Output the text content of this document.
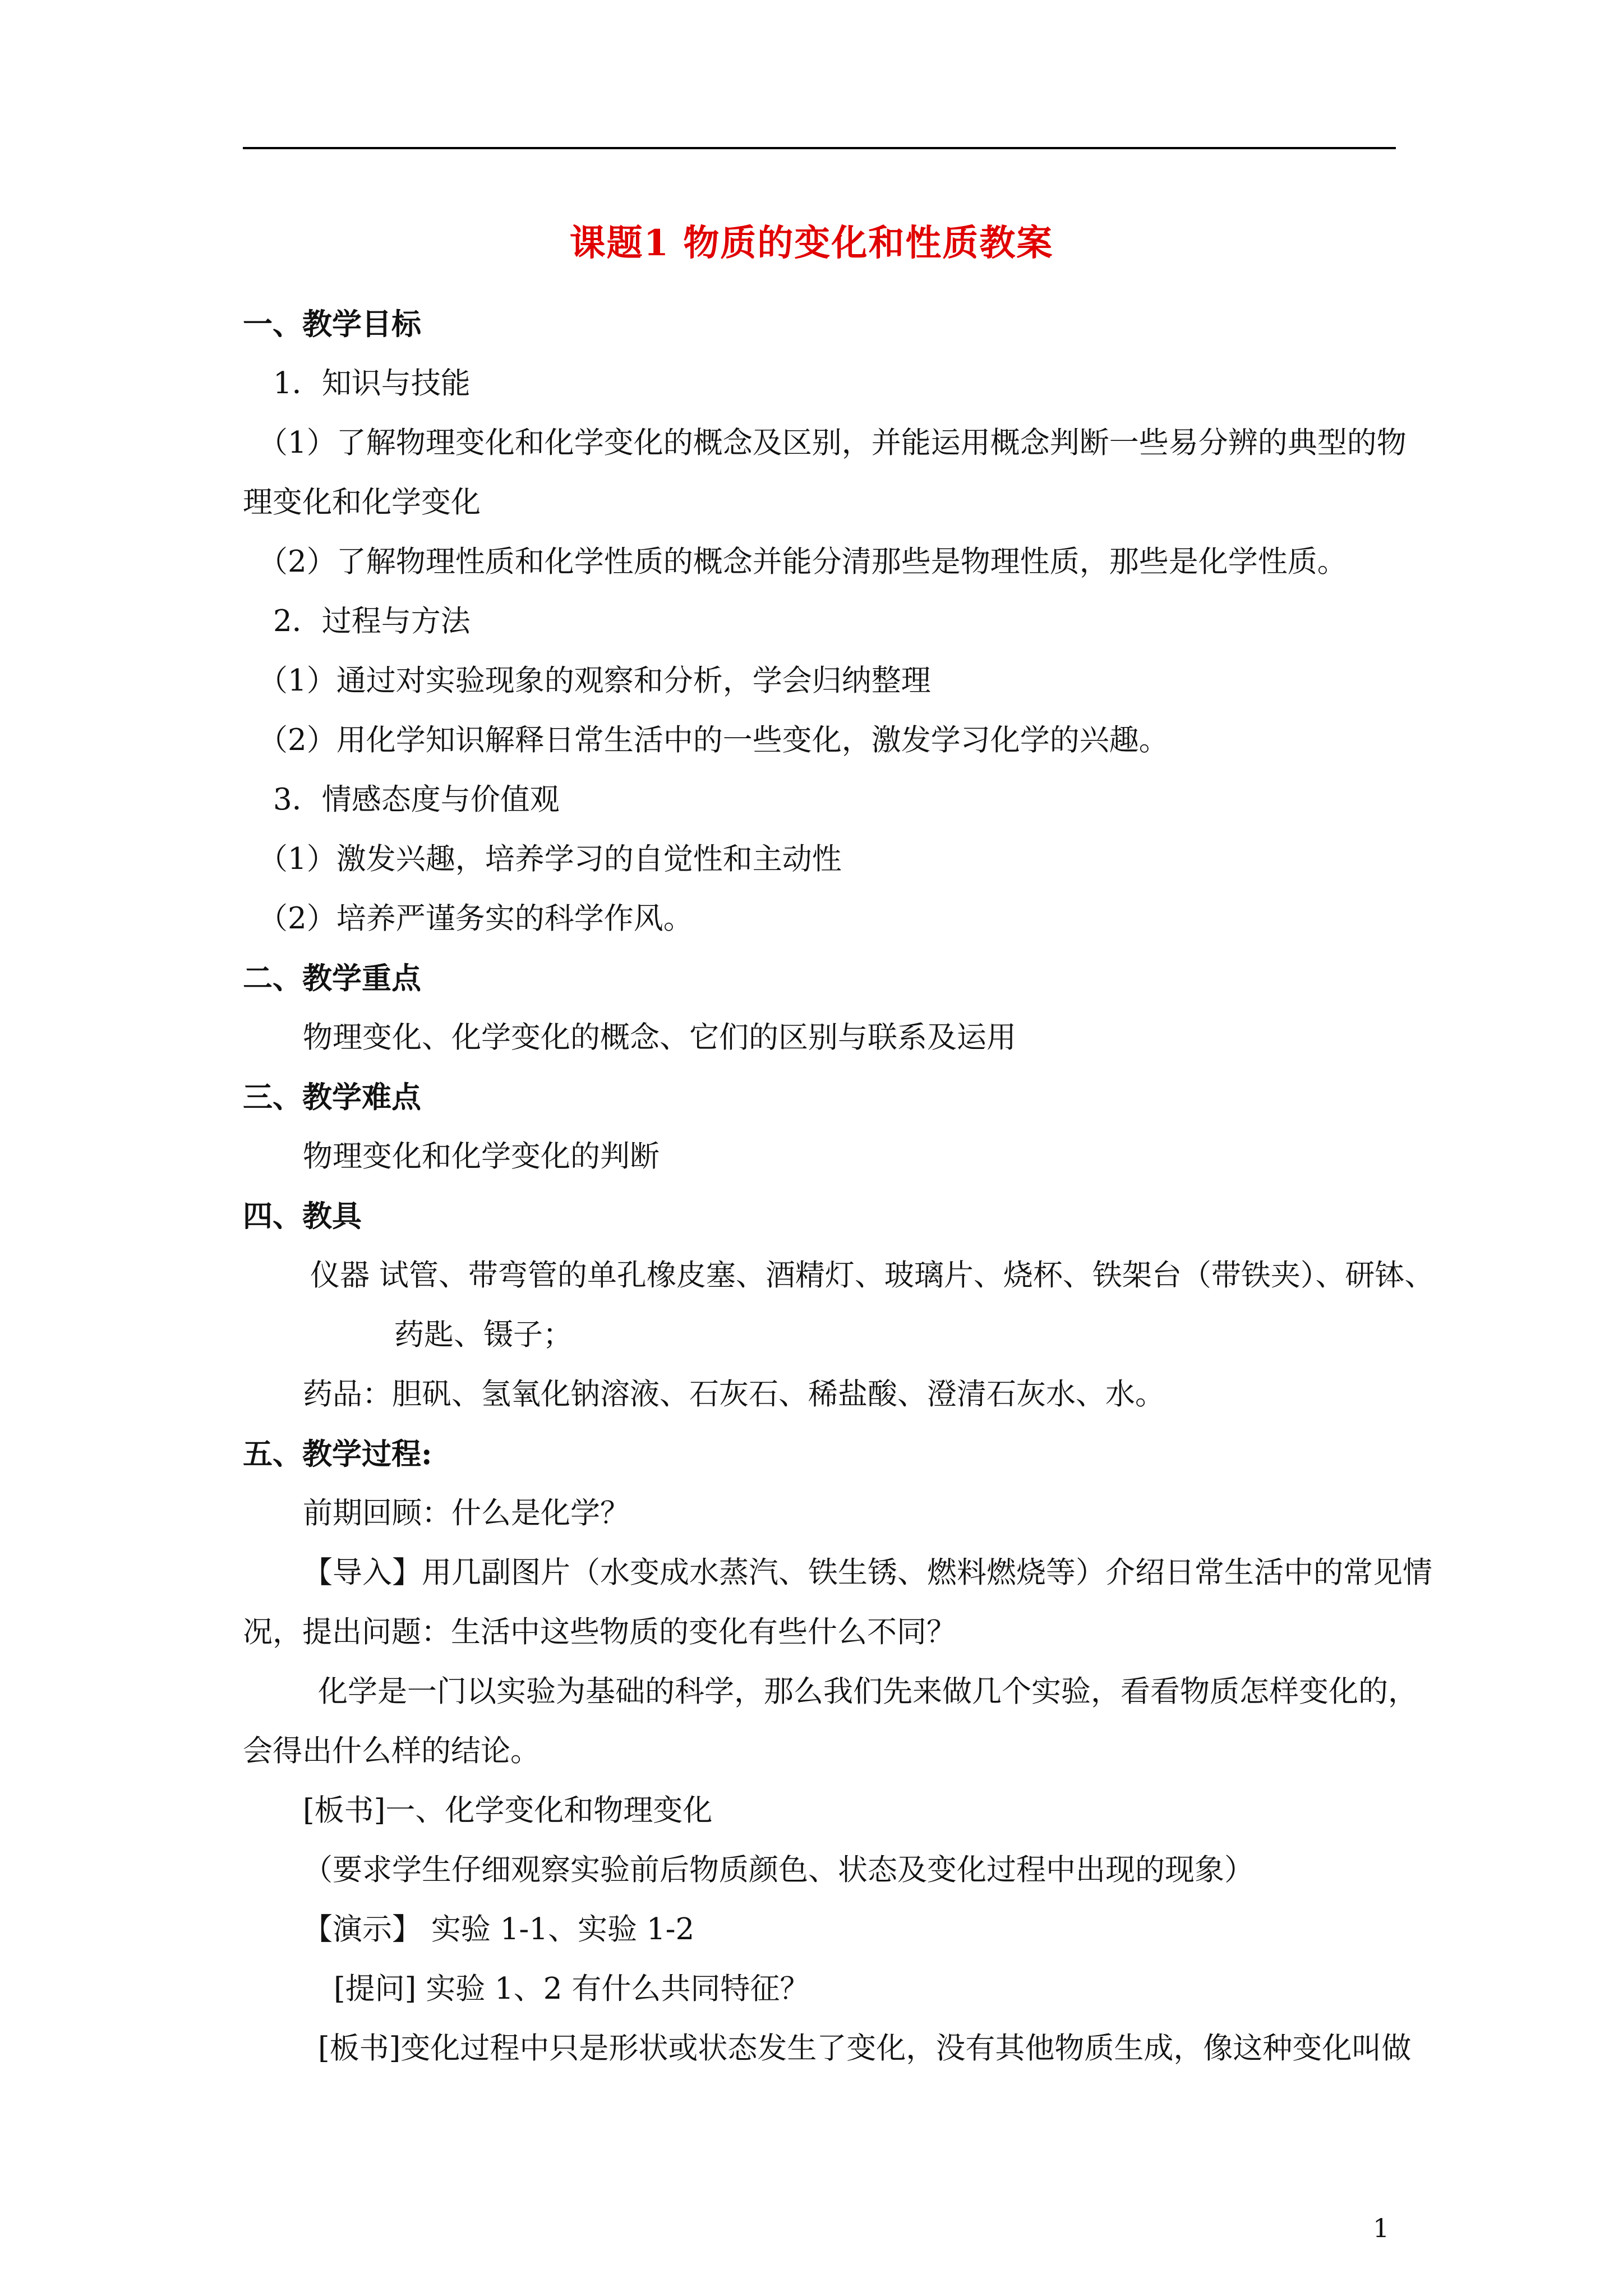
课题1 物质的变化和性质教案
一、教学目标
1．知识与技能
（1）了解物理变化和化学变化的概念及区别，并能运用概念判断一些易分辨的典型的物
理变化和化学变化
（2）了解物理性质和化学性质的概念并能分清那些是物理性质，那些是化学性质。
2．过程与方法
（1）通过对实验现象的观察和分析，学会归纳整理
（2）用化学知识解释日常生活中的一些变化，激发学习化学的兴趣。
3．情感态度与价值观
（1）激发兴趣，培养学习的自觉性和主动性
（2）培养严谨务实的科学作风。
二、教学重点
物理变化、化学变化的概念、它们的区别与联系及运用
三、教学难点
物理变化和化学变化的判断
四、教具
仪器 试管、带弯管的单孔橡皮塞、酒精灯、玻璃片、烧杯、铁架台（带铁夹）、研钵、
药匙、镊子；
药品：胆矾、氢氧化钠溶液、石灰石、稀盐酸、澄清石灰水、水。
五、教学过程:
前期回顾：什么是化学？
【导入】用几副图片（水变成水蒸汽、铁生锈、燃料燃烧等）介绍日常生活中的常见情
况，提出问题：生活中这些物质的变化有些什么不同？
化学是一门以实验为基础的科学，那么我们先来做几个实验，看看物质怎样变化的，
会得出什么样的结论。
[板书]一、化学变化和物理变化
（要求学生仔细观察实验前后物质颜色、状态及变化过程中出现的现象）
【演示】 实验 1-1、实验 1-2
[提问] 实验 1、2 有什么共同特征？
[板书]变化过程中只是形状或状态发生了变化，没有其他物质生成，像这种变化叫做
1
